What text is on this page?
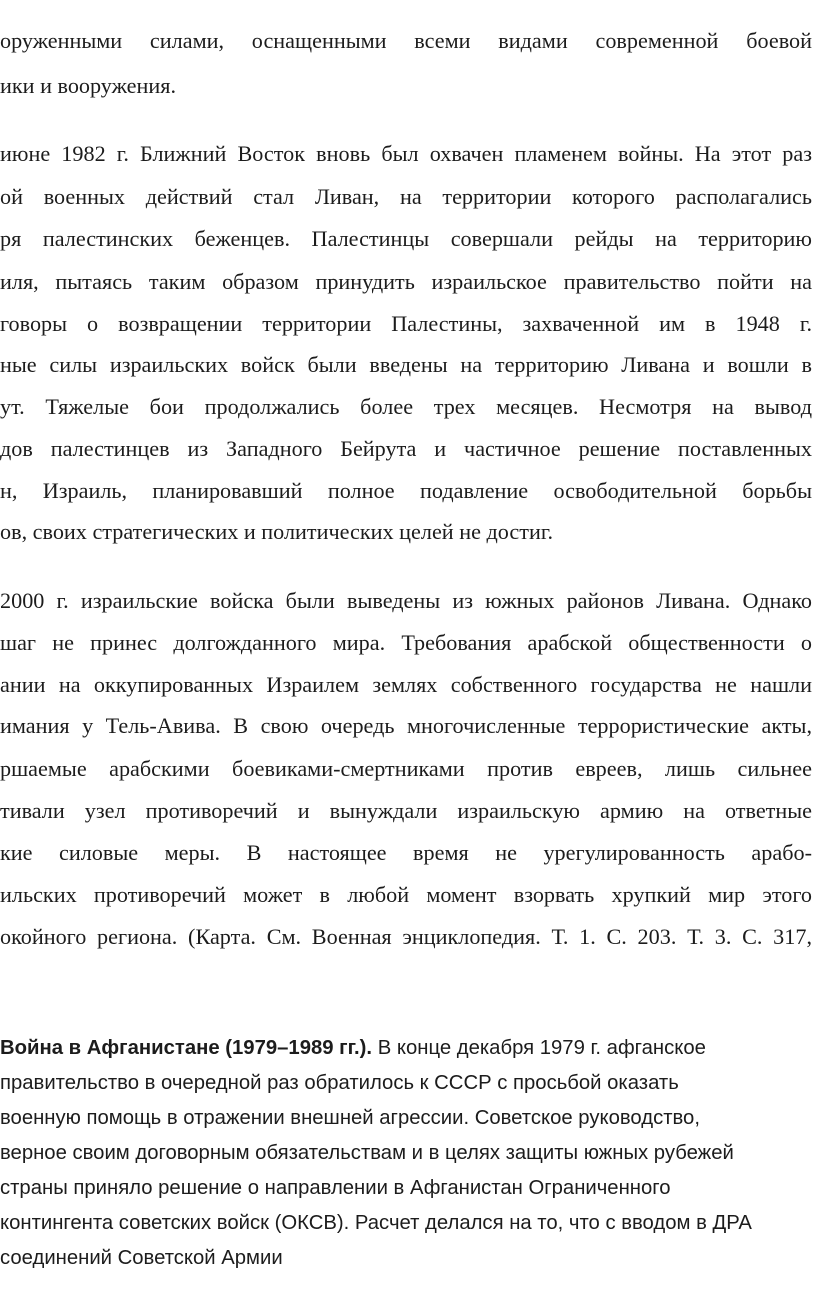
оруженными силами, оснащенными всеми видами современной боевой
ики и вооружения.
июне 1982 г. Ближний Восток вновь был охвачен пламенем войны. На этот раз
ой военных действий стал Ливан, на территории которого располагались
ря палестинских беженцев. Палестинцы совершали рейды на территорию
иля, пытаясь таким образом принудить израильское правительство пойти на
говоры о возвращении территории Палестины, захваченной им в 1948 г.
ные силы израильских войск были введены на территорию Ливана и вошли в
ут. Тяжелые бои продолжались более трех месяцев. Несмотря на вывод
дов палестинцев из Западного Бейрута и частичное решение поставленных
н, Израиль, планировавший полное подавление освободительной борьбы
ов, своих стратегических и политических целей не достиг.
2000 г. израильские войска были выведены из южных районов Ливана. Однако
шаг не принес долгожданного мира. Требования арабской общественности о
ании на оккупированных Израилем землях собственного государства не нашли
имания у Тель-Авива. В свою очередь многочисленные террористические акты,
ршаемые арабскими боевиками-смертниками против евреев, лишь сильнее
тивали узел противоречий и вынуждали израильскую армию на ответные
кие силовые меры. В настоящее время не урегулированность арабо-
ильских противоречий может в любой момент взорвать хрупкий мир этого
окойного региона. (Карта. См. Военная энциклопедия. Т. 1. С. 203. Т. 3. С. 317,
Война в Афганистане (1979–1989 гг.). В конце декабря 1979 г. афганское
правительство в очередной раз обратилось к СССР с просьбой оказать
военную помощь в отражении внешней агрессии. Советское руководство,
верное своим договорным обязательствам и в целях защиты южных рубежей
страны приняло решение о направлении в Афганистан Ограниченного
контингента советских войск (ОКСВ). Расчет делался на то, что с вводом в ДРА
соединений Советской Армии
